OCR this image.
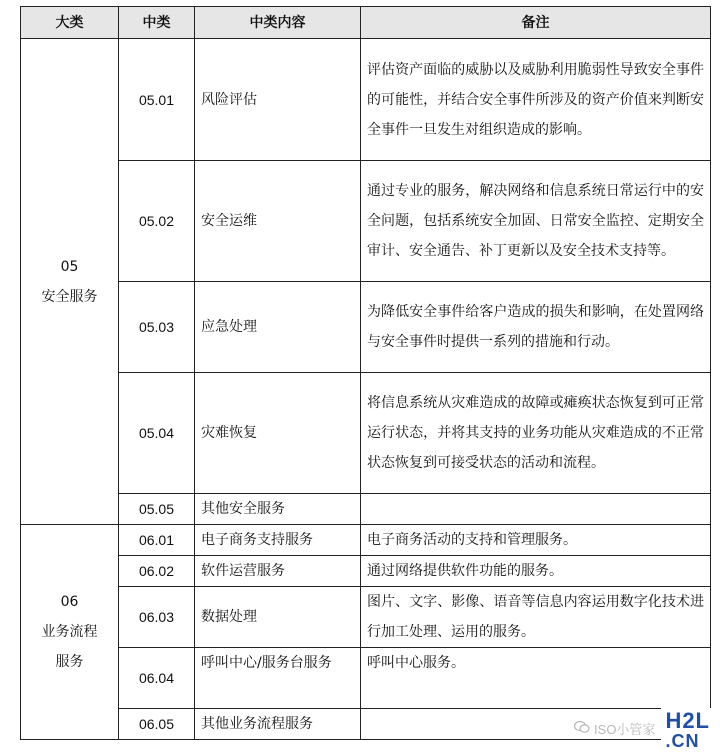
大类	中类	中类内容	备注

05
安全服务	05.01	风险评估	评估资产面临的威胁以及威胁利用脆弱性导致安全事件的可能性，并结合安全事件所涉及的资产价值来判断安全事件一旦发生对组织造成的影响。
	05.02	安全运维	通过专业的服务，解决网络和信息系统日常运行中的安全问题，包括系统安全加固、日常安全监控、定期安全审计、安全通告、补丁更新以及安全技术支持等。
	05.03	应急处理	为降低安全事件给客户造成的损失和影响，在处置网络与安全事件时提供一系列的措施和行动。
	05.04	灾难恢复	将信息系统从灾难造成的故障或瘫痪状态恢复到可正常运行状态，并将其支持的业务功能从灾难造成的不正常状态恢复到可接受状态的活动和流程。
	05.05	其他安全服务	

06
业务流程服务	06.01	电子商务支持服务	电子商务活动的支持和管理服务。
	06.02	软件运营服务	通过网络提供软件功能的服务。
	06.03	数据处理	图片、文字、影像、语音等信息内容运用数字化技术进行加工处理、运用的服务。
	06.04	呼叫中心/服务台服务	呼叫中心服务。
	06.05	其他业务流程服务		ISO小管家 H2L
.CN
